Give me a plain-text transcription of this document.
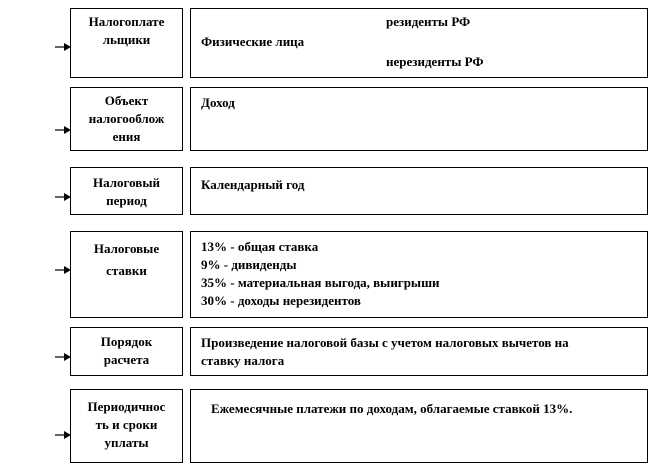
Налогоплате
льщики
резиденты РФ
Физические лица
нерезиденты РФ
Объект
налогооблож
ения
Доход
Налоговый
период
Календарный год
Налоговые
ставки
13% - общая ставка
9% - дивиденды
35% - материальная выгода, выигрыши
30% - доходы нерезидентов
Порядок
расчета
Произведение налоговой базы с учетом налоговых вычетов на
ставку налога
Периодичнос
ть и сроки
уплаты
Ежемесячные платежи по доходам, облагаемые ставкой 13%.
